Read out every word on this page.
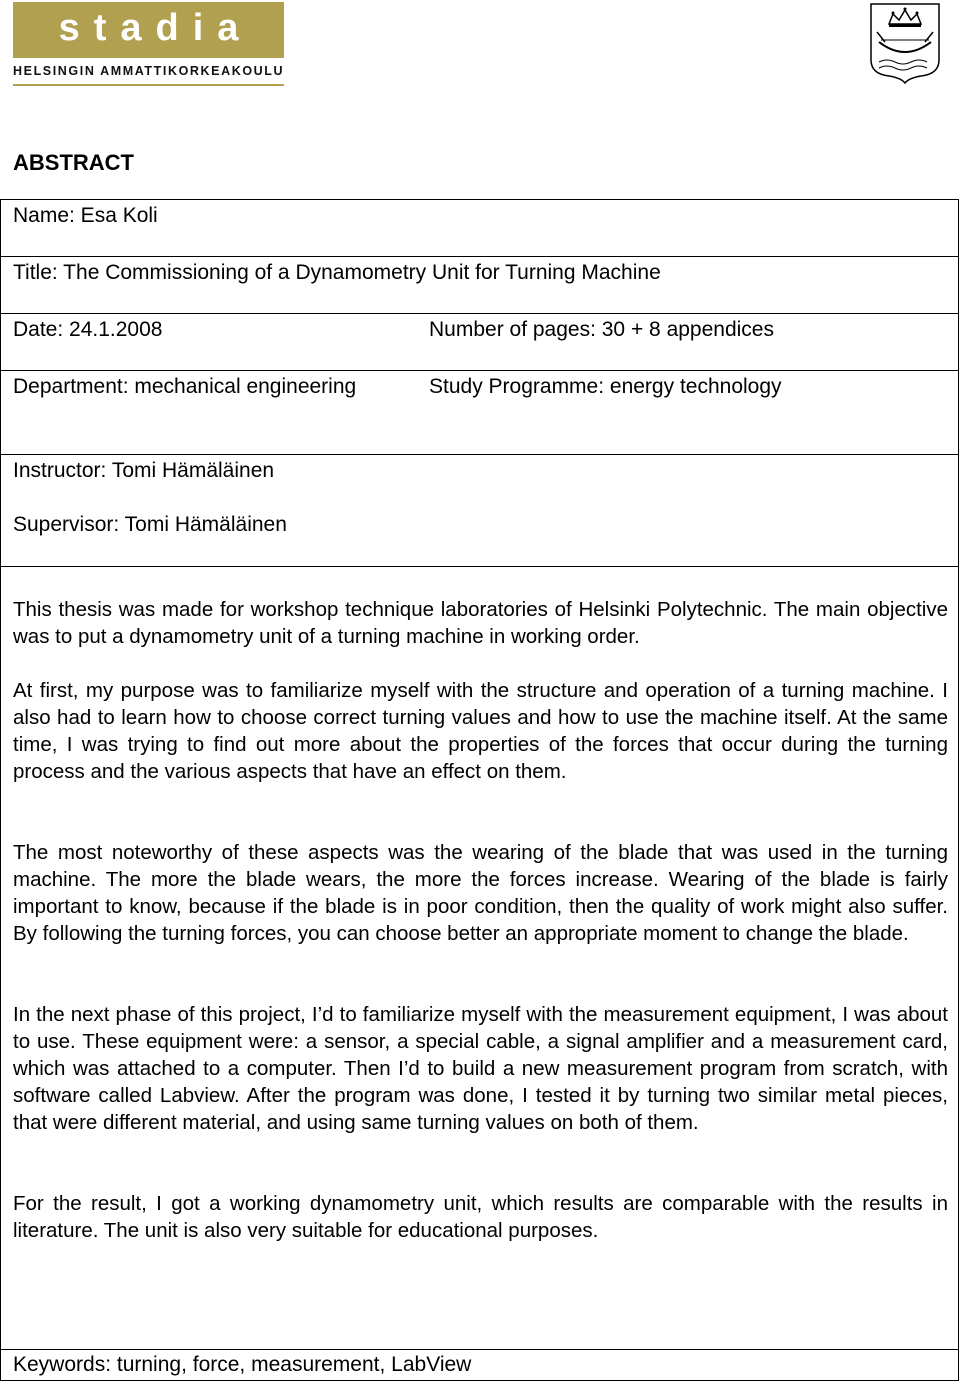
stadia
HELSINGIN AMMATTIKORKEAKOULU
ABSTRACT
Name: Esa Koli
Title: The Commissioning of a Dynamometry Unit for Turning Machine
Date: 24.1.2008	Number of pages: 30 + 8 appendices
Department: mechanical engineering	Study Programme: energy technology
Instructor: Tomi Hämäläinen
Supervisor: Tomi Hämäläinen
This thesis was made for workshop technique laboratories of Helsinki Polytechnic. The main objective was to put a dynamometry unit of a turning machine in working order.
At first, my purpose was to familiarize myself with the structure and operation of a turning machine. I also had to learn how to choose correct turning values and how to use the machine itself. At the same time, I was trying to find out more about the properties of the forces that occur during the turning process and the various aspects that have an effect on them.
The most noteworthy of these aspects was the wearing of the blade that was used in the turning machine. The more the blade wears, the more the forces increase. Wearing of the blade is fairly important to know, because if the blade is in poor condition, then the quality of work might also suffer. By following the turning forces, you can choose better an appropriate moment to change the blade.
In the next phase of this project, I’d to familiarize myself with the measurement equipment, I was about to use. These equipment were: a sensor, a special cable, a signal amplifier and a measurement card, which was attached to a computer. Then I’d to build a new measurement program from scratch, with software called Labview. After the program was done, I tested it by turning two similar metal pieces, that were different material, and using same turning values on both of them.
For the result, I got a working dynamometry unit, which results are comparable with the results in literature. The unit is also very suitable for educational purposes.
Keywords: turning, force, measurement, LabView
